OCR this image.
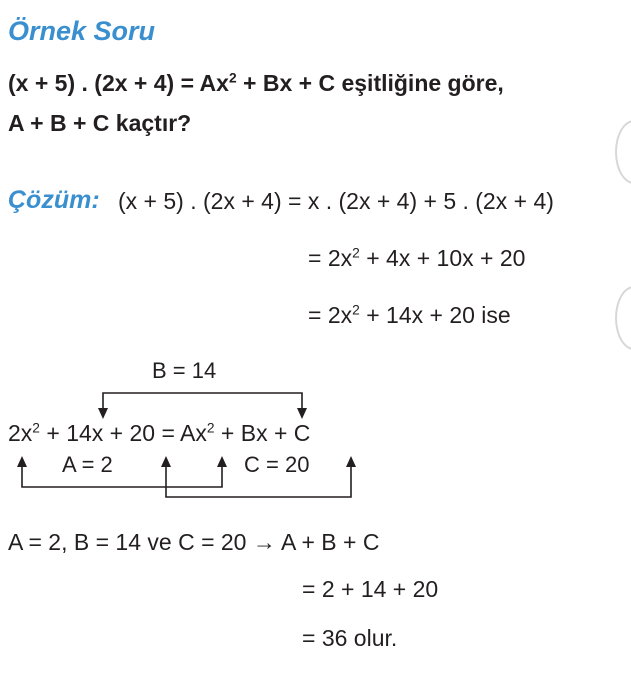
Örnek Soru
(x + 5) . $(2x + 4) = Ax^2 + Bx + C$ eşitliğine göre,
A + B + C kaçtır?
Çözüm: (x + 5) . (2x + 4) = x . (2x + 4) + 5 . (2x + 4)
= $2x^2 + 4x + 10x + 20$
= $2x^2 + 14x + 20$ ise
B = 14
$2x^2 + 14x + 20 = Ax^2 + Bx + C$
A = 2	C = 20
A = 2, B = 14 ve C = 20 → A + B + C
= 2 + 14 + 20
= 36 olur.
